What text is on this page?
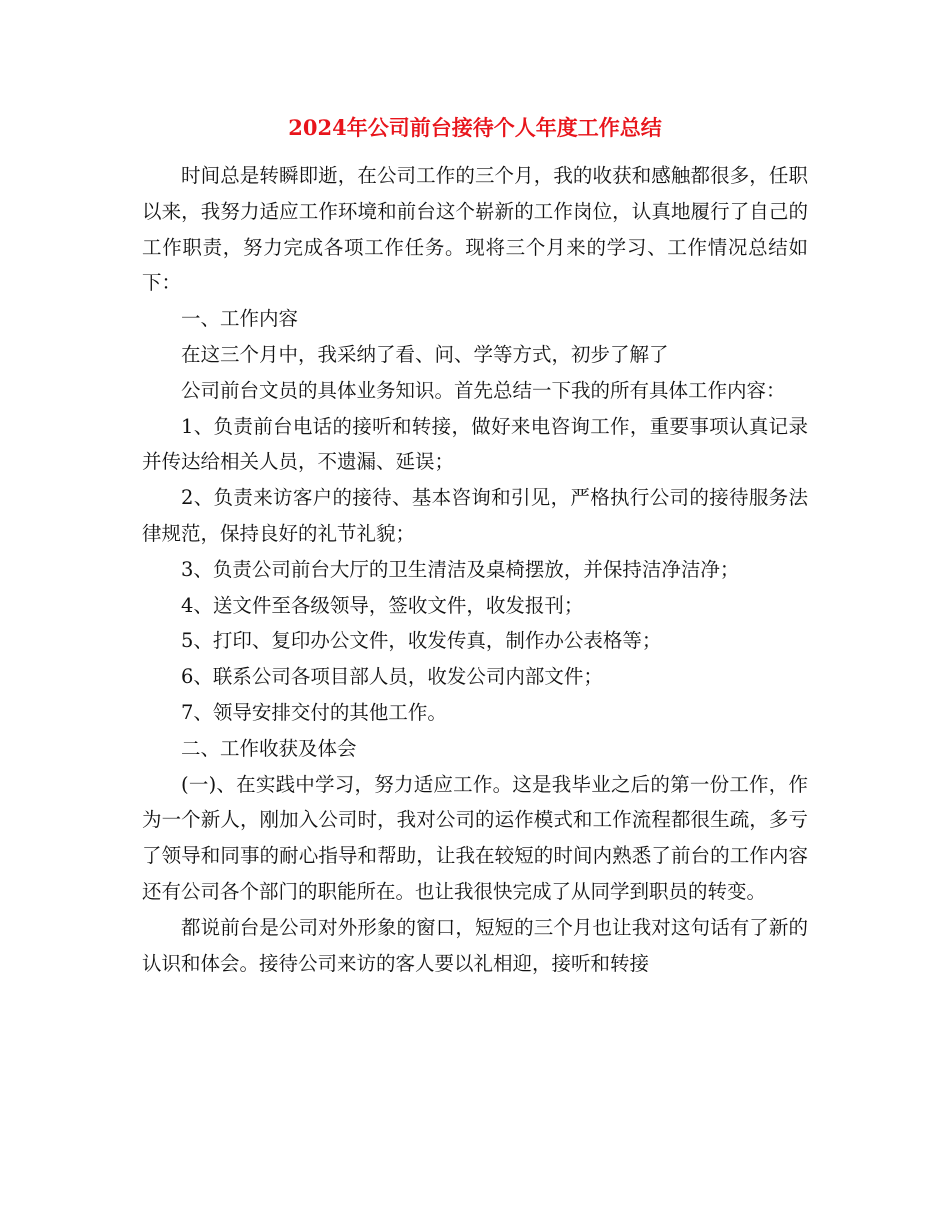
2024年公司前台接待个人年度工作总结

时间总是转瞬即逝，在公司工作的三个月，我的收获和感触都很多，任职以来，我努力适应工作环境和前台这个崭新的工作岗位，认真地履行了自己的工作职责，努力完成各项工作任务。现将三个月来的学习、工作情况总结如下：

一、工作内容

在这三个月中，我采纳了看、问、学等方式，初步了解了

公司前台文员的具体业务知识。首先总结一下我的所有具体工作内容：

1、负责前台电话的接听和转接，做好来电咨询工作，重要事项认真记录并传达给相关人员，不遗漏、延误；

2、负责来访客户的接待、基本咨询和引见，严格执行公司的接待服务法律规范，保持良好的礼节礼貌；

3、负责公司前台大厅的卫生清洁及桌椅摆放，并保持洁净洁净；

4、送文件至各级领导，签收文件，收发报刊；

5、打印、复印办公文件，收发传真，制作办公表格等；

6、联系公司各项目部人员，收发公司内部文件；

7、领导安排交付的其他工作。

二、工作收获及体会

(一)、在实践中学习，努力适应工作。这是我毕业之后的第一份工作，作为一个新人，刚加入公司时，我对公司的运作模式和工作流程都很生疏，多亏了领导和同事的耐心指导和帮助，让我在较短的时间内熟悉了前台的工作内容还有公司各个部门的职能所在。也让我很快完成了从同学到职员的转变。

都说前台是公司对外形象的窗口，短短的三个月也让我对这句话有了新的认识和体会。接待公司来访的客人要以礼相迎，接听和转接
